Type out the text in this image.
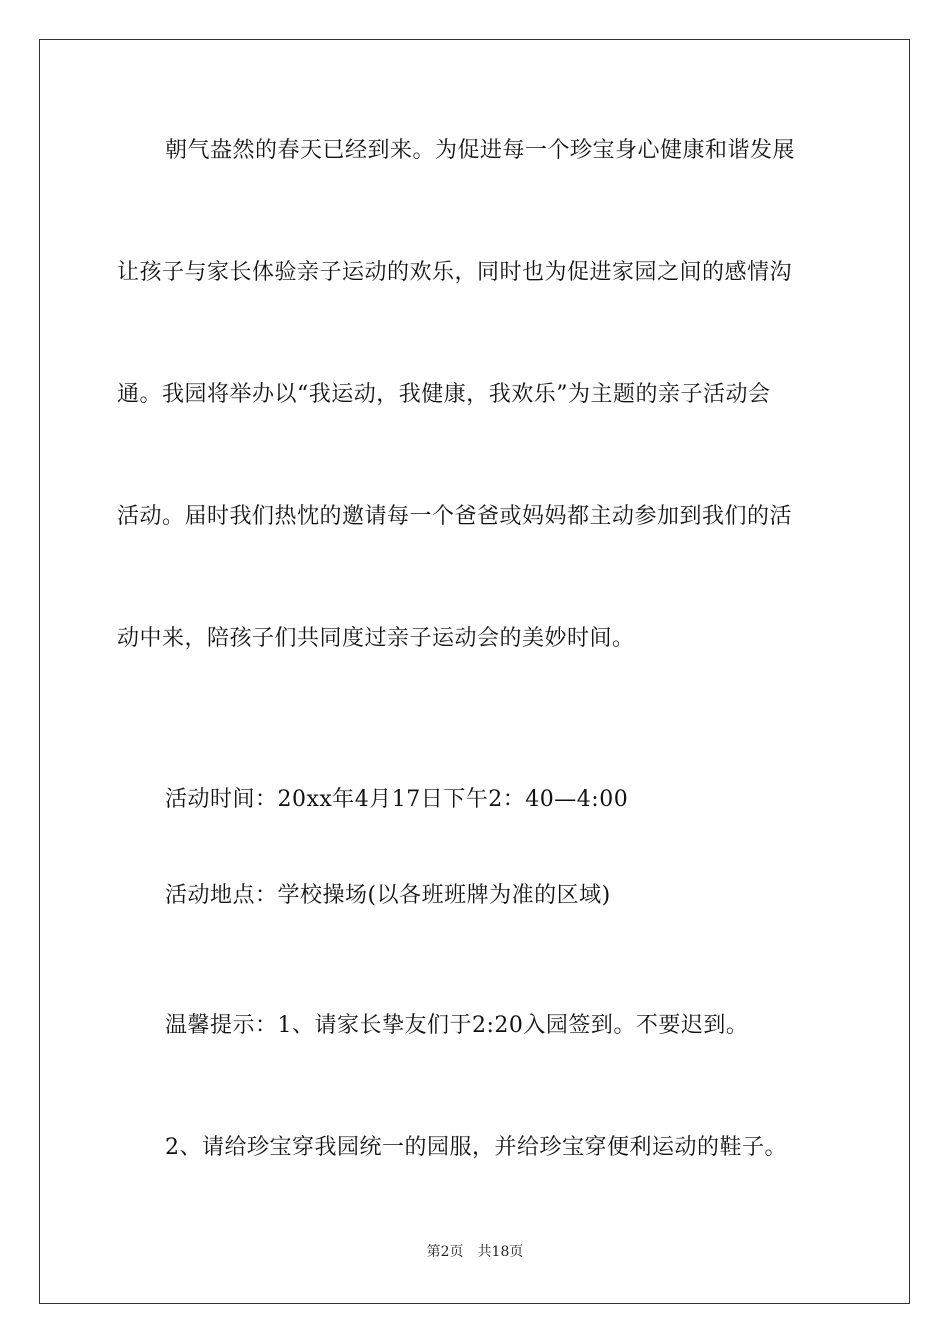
朝气盎然的春天已经到来。为促进每一个珍宝身心健康和谐发展
让孩子与家长体验亲子运动的欢乐，同时也为促进家园之间的感情沟
通。我园将举办以“我运动，我健康，我欢乐”为主题的亲子活动会
活动。届时我们热忱的邀请每一个爸爸或妈妈都主动参加到我们的活
动中来，陪孩子们共同度过亲子运动会的美妙时间。
活动时间：20xx年4月17日下午2：40—4:00
活动地点：学校操场(以各班班牌为准的区域)
温馨提示：1、请家长挚友们于2:20入园签到。不要迟到。
2、请给珍宝穿我园统一的园服，并给珍宝穿便利运动的鞋子。
第2页 共18页
